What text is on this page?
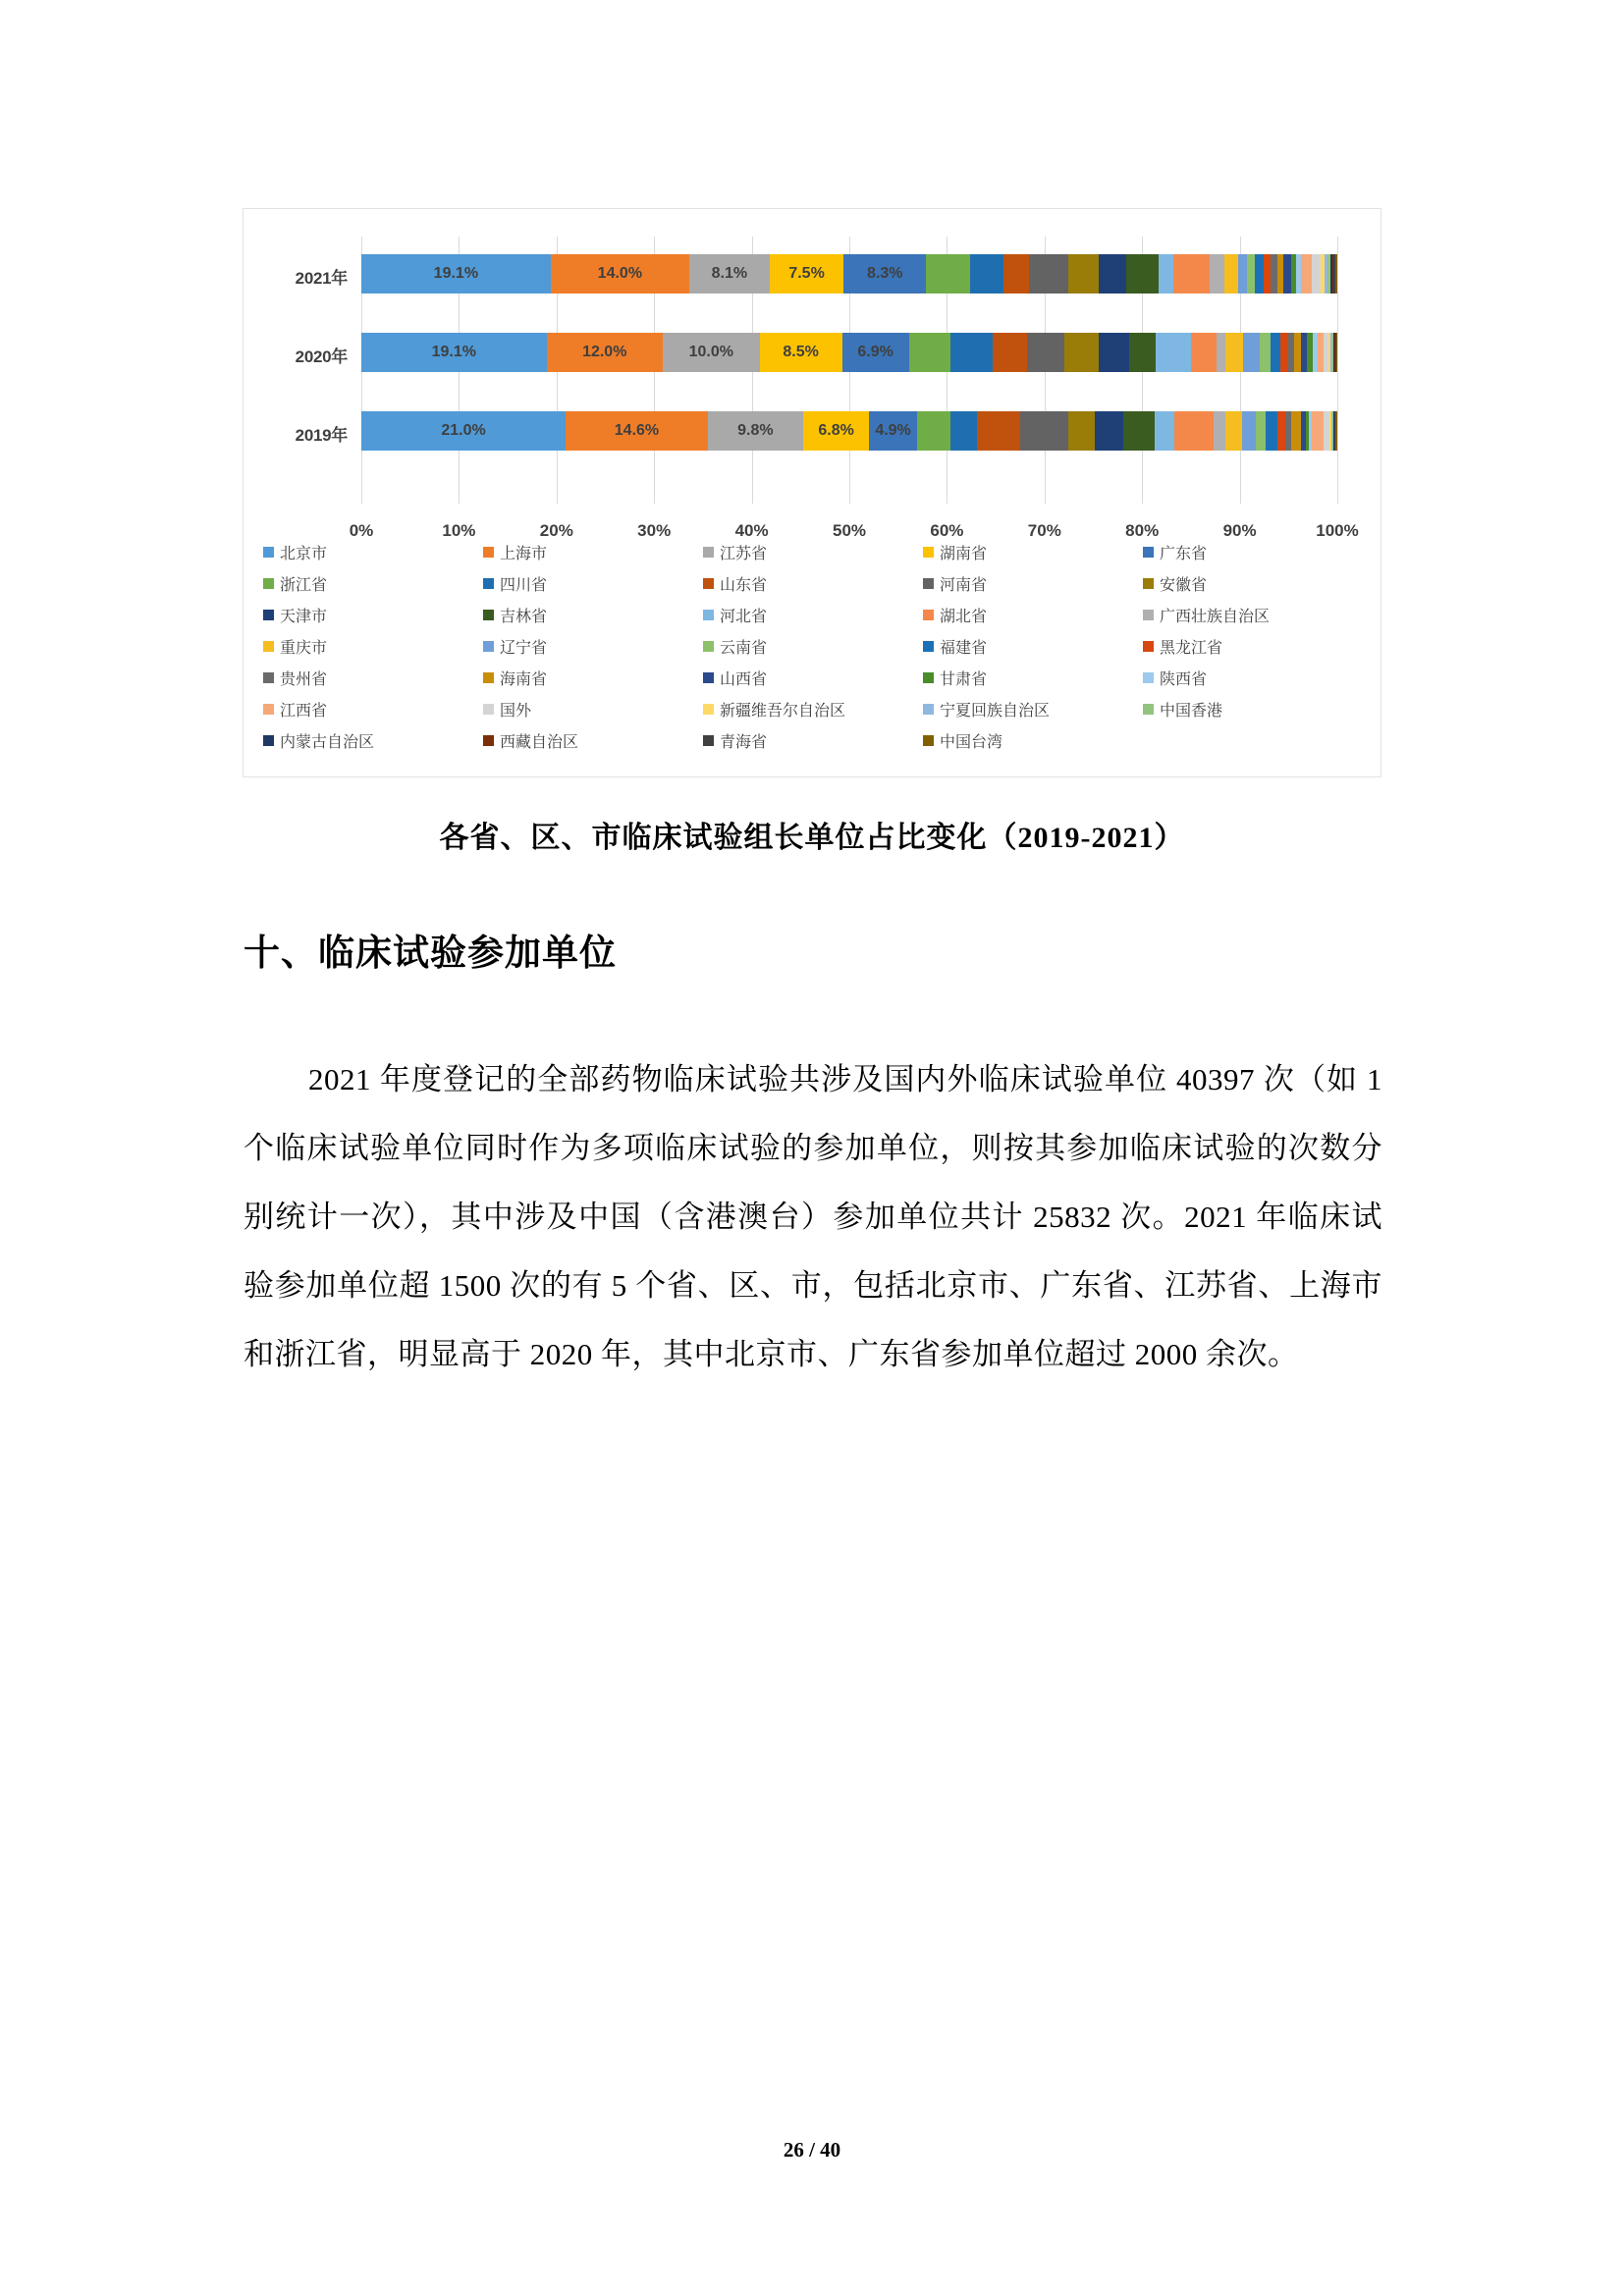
2021年	19.1%	14.0%	8.1%	7.5%	8.3%
2020年	19.1%	12.0%	10.0%	8.5%	6.9%
2019年	21.0%	14.6%	9.8%	6.8%	4.9%
0%	10%	20%	30%	40%	50%	60%	70%	80%	90%	100%
北京市	上海市	江苏省	湖南省	广东省
浙江省	四川省	山东省	河南省	安徽省
天津市	吉林省	河北省	湖北省	广西壮族自治区
重庆市	辽宁省	云南省	福建省	黑龙江省
贵州省	海南省	山西省	甘肃省	陕西省
江西省	国外	新疆维吾尔自治区	宁夏回族自治区	中国香港
内蒙古自治区	西藏自治区	青海省	中国台湾
各省、区、市临床试验组长单位占比变化（2019-2021）
十、临床试验参加单位
2021 年度登记的全部药物临床试验共涉及国内外临床试验单位 40397 次（如 1 个临床试验单位同时作为多项临床试验的参加单位，则按其参加临床试验的次数分别统计一次），其中涉及中国（含港澳台）参加单位共计 25832 次。2021 年临床试验参加单位超 1500 次的有 5 个省、区、市，包括北京市、广东省、江苏省、上海市和浙江省，明显高于 2020 年，其中北京市、广东省参加单位超过 2000 余次。
26 / 40
